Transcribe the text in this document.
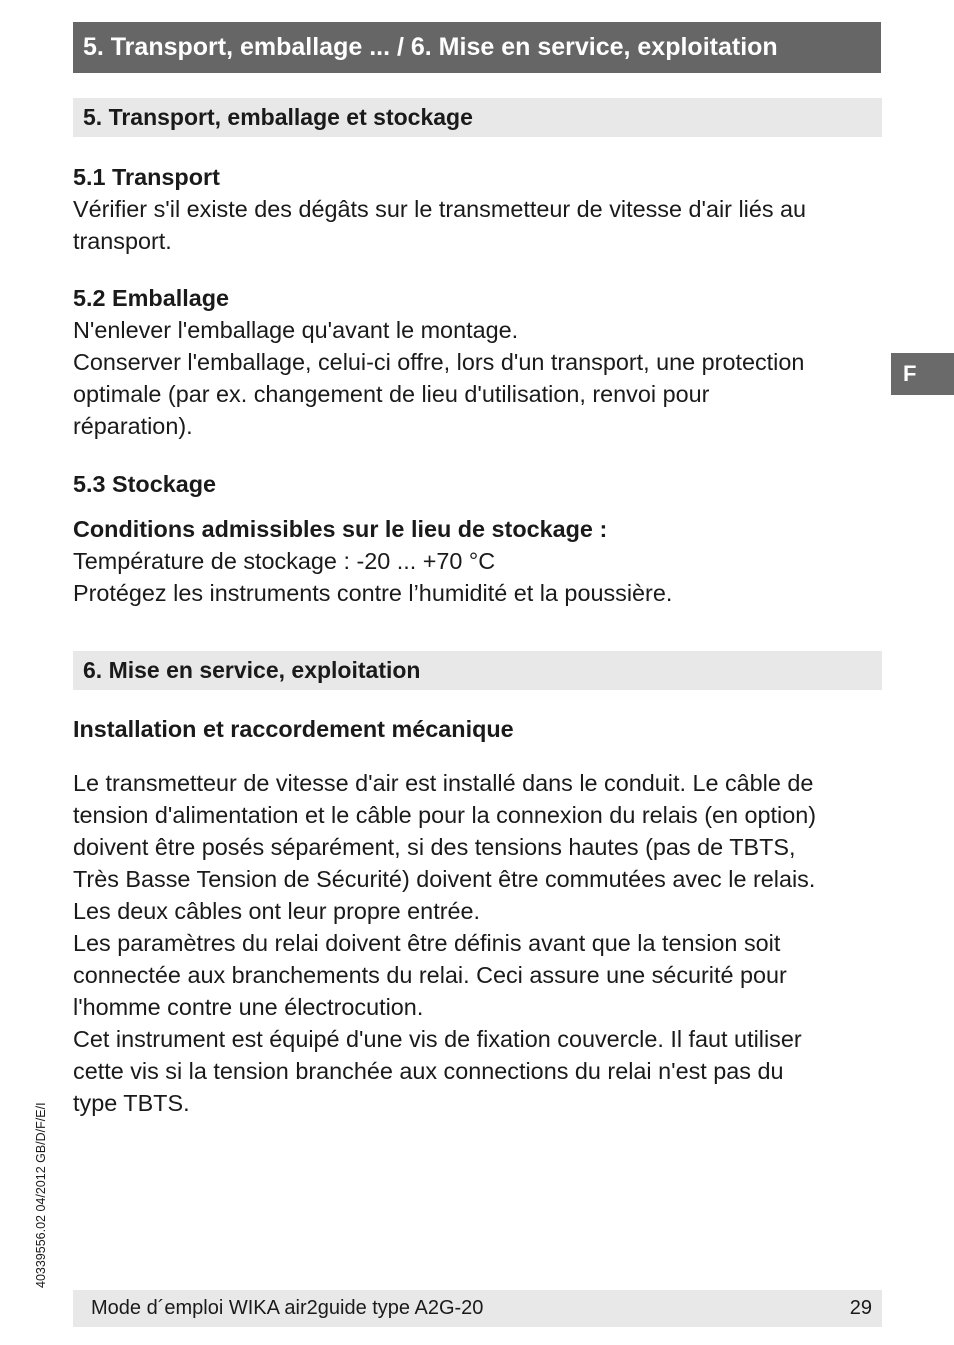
5. Transport, emballage ... / 6. Mise en service, exploitation
5. Transport, emballage et stockage

5.1 Transport

Vérifier s'il existe des dégâts sur le transmetteur de vitesse d'air liés au

transport.

5.2 Emballage

N'enlever l'emballage qu'avant le montage.

Conserver l'emballage, celui-ci offre, lors d'un transport, une protection

optimale (par ex. changement de lieu d'utilisation, renvoi pour

réparation).

5.3 Stockage

Conditions admissibles sur le lieu de stockage :

Température de stockage : -20 ... +70 °C

Protégez les instruments contre l’humidité et la poussière.

6. Mise en service, exploitation

Installation et raccordement mécanique

Le transmetteur de vitesse d'air est installé dans le conduit. Le câble de

tension d'alimentation et le câble pour la connexion du relais (en option)

doivent être posés séparément, si des tensions hautes (pas de TBTS,

Très Basse Tension de Sécurité) doivent être commutées avec le relais.

Les deux câbles ont leur propre entrée.

Les paramètres du relai doivent être définis avant que la tension soit

connectée aux branchements du relai. Ceci assure une sécurité pour

l'homme contre une électrocution.

Cet instrument est équipé d'une vis de fixation couvercle. Il faut utiliser

cette vis si la tension branchée aux connections du relai n'est pas du

type TBTS.

F
40339556.02 04/2012 GB/D/F/E/I
Mode d´emploi WIKA air2guide type A2G-20	29
